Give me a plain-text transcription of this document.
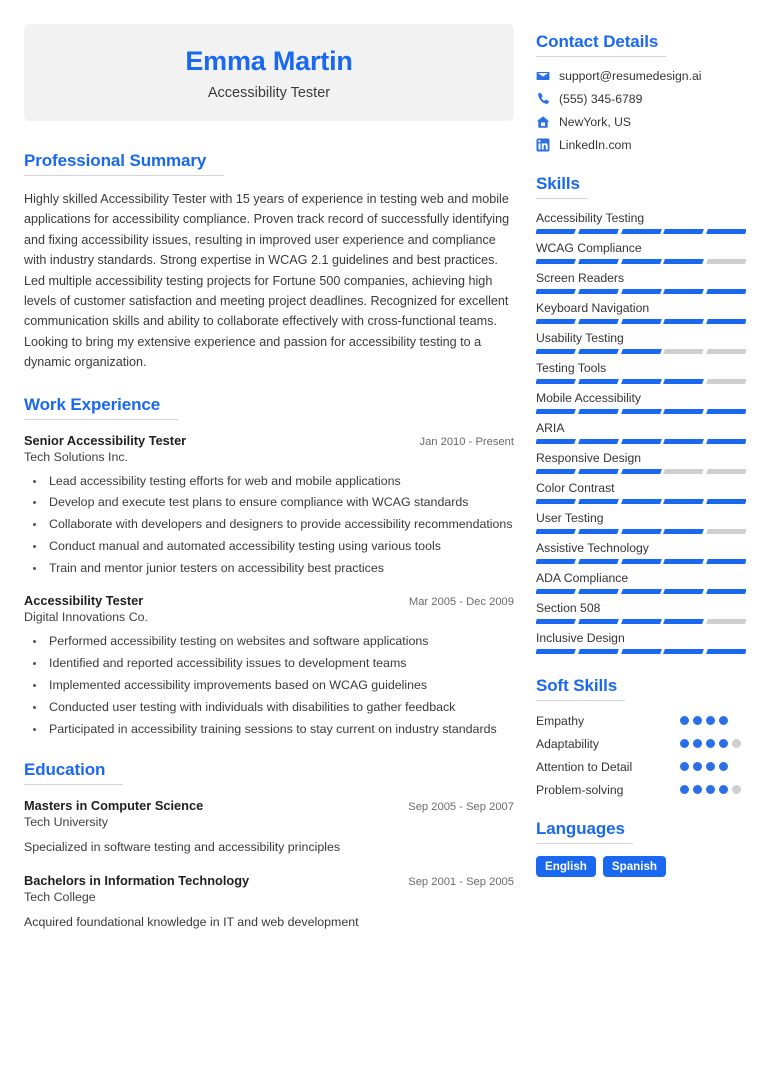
Emma Martin
Accessibility Tester
Professional Summary
Highly skilled Accessibility Tester with 15 years of experience in testing web and mobile applications for accessibility compliance. Proven track record of successfully identifying and fixing accessibility issues, resulting in improved user experience and compliance with industry standards. Strong expertise in WCAG 2.1 guidelines and best practices. Led multiple accessibility testing projects for Fortune 500 companies, achieving high levels of customer satisfaction and meeting project deadlines. Recognized for excellent communication skills and ability to collaborate effectively with cross-functional teams. Looking to bring my extensive experience and passion for accessibility testing to a dynamic organization.
Work Experience
Senior Accessibility Tester	Jan 2010 - Present
Tech Solutions Inc.
• Lead accessibility testing efforts for web and mobile applications
• Develop and execute test plans to ensure compliance with WCAG standards
• Collaborate with developers and designers to provide accessibility recommendations
• Conduct manual and automated accessibility testing using various tools
• Train and mentor junior testers on accessibility best practices
Accessibility Tester	Mar 2005 - Dec 2009
Digital Innovations Co.
• Performed accessibility testing on websites and software applications
• Identified and reported accessibility issues to development teams
• Implemented accessibility improvements based on WCAG guidelines
• Conducted user testing with individuals with disabilities to gather feedback
• Participated in accessibility training sessions to stay current on industry standards
Education
Masters in Computer Science	Sep 2005 - Sep 2007
Tech University
Specialized in software testing and accessibility principles
Bachelors in Information Technology	Sep 2001 - Sep 2005
Tech College
Acquired foundational knowledge in IT and web development
Contact Details
support@resumedesign.ai
(555) 345-6789
NewYork, US
LinkedIn.com
Skills
Accessibility Testing
WCAG Compliance
Screen Readers
Keyboard Navigation
Usability Testing
Testing Tools
Mobile Accessibility
ARIA
Responsive Design
Color Contrast
User Testing
Assistive Technology
ADA Compliance
Section 508
Inclusive Design
Soft Skills
Empathy
Adaptability
Attention to Detail
Problem-solving
Languages
English	Spanish
